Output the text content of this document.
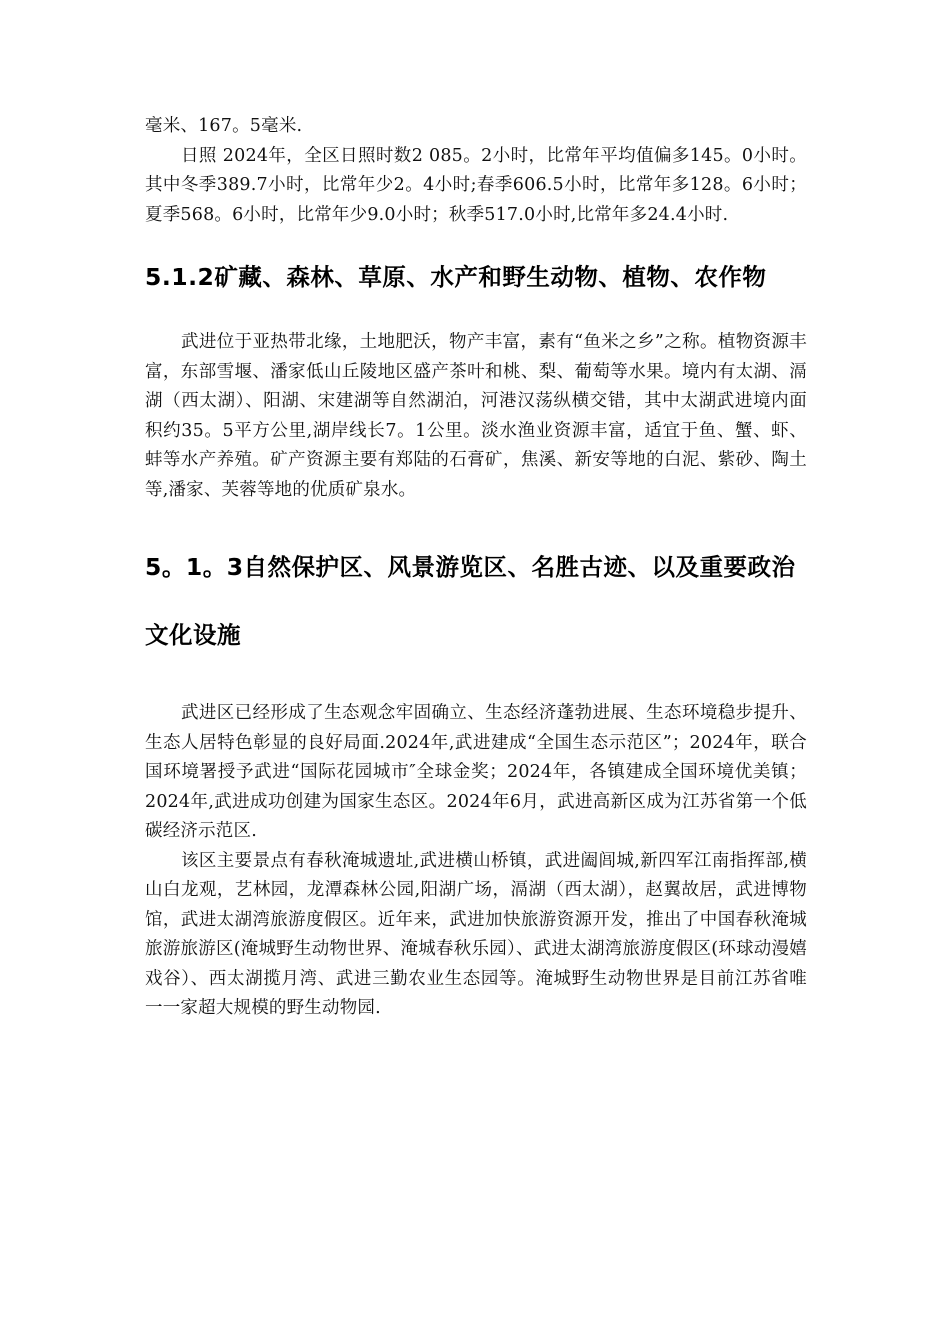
毫米、167。5毫米.

日照 2024年，全区日照时数2 085。2小时，比常年平均值偏多145。0小时。其中冬季389.7小时，比常年少2。4小时;春季606.5小时，比常年多128。6小时；夏季568。6小时，比常年少9.0小时；秋季517.0小时,比常年多24.4小时.

5.1.2矿藏、森林、草原、水产和野生动物、植物、农作物

武进位于亚热带北缘，土地肥沃，物产丰富，素有“鱼米之乡”之称。植物资源丰富，东部雪堰、潘家低山丘陵地区盛产茶叶和桃、梨、葡萄等水果。境内有太湖、滆湖（西太湖）、阳湖、宋建湖等自然湖泊，河港汉荡纵横交错，其中太湖武进境内面积约35。5平方公里,湖岸线长7。1公里。淡水渔业资源丰富，适宜于鱼、蟹、虾、蚌等水产养殖。矿产资源主要有郑陆的石膏矿，焦溪、新安等地的白泥、紫砂、陶土等,潘家、芙蓉等地的优质矿泉水。

5。1。3自然保护区、风景游览区、名胜古迹、以及重要政治文化设施

武进区已经形成了生态观念牢固确立、生态经济蓬勃进展、生态环境稳步提升、生态人居特色彰显的良好局面.2024年,武进建成“全国生态示范区”；2024年，联合国环境署授予武进“国际花园城市″全球金奖；2024年，各镇建成全国环境优美镇；2024年,武进成功创建为国家生态区。2024年6月，武进高新区成为江苏省第一个低碳经济示范区.

该区主要景点有春秋淹城遗址,武进横山桥镇，武进阖闾城,新四军江南指挥部,横山白龙观，艺林园，龙潭森林公园,阳湖广场，滆湖（西太湖），赵翼故居，武进博物馆，武进太湖湾旅游度假区。近年来，武进加快旅游资源开发，推出了中国春秋淹城旅游旅游区(淹城野生动物世界、淹城春秋乐园）、武进太湖湾旅游度假区(环球动漫嬉戏谷）、西太湖揽月湾、武进三勤农业生态园等。淹城野生动物世界是目前江苏省唯一一家超大规模的野生动物园.
